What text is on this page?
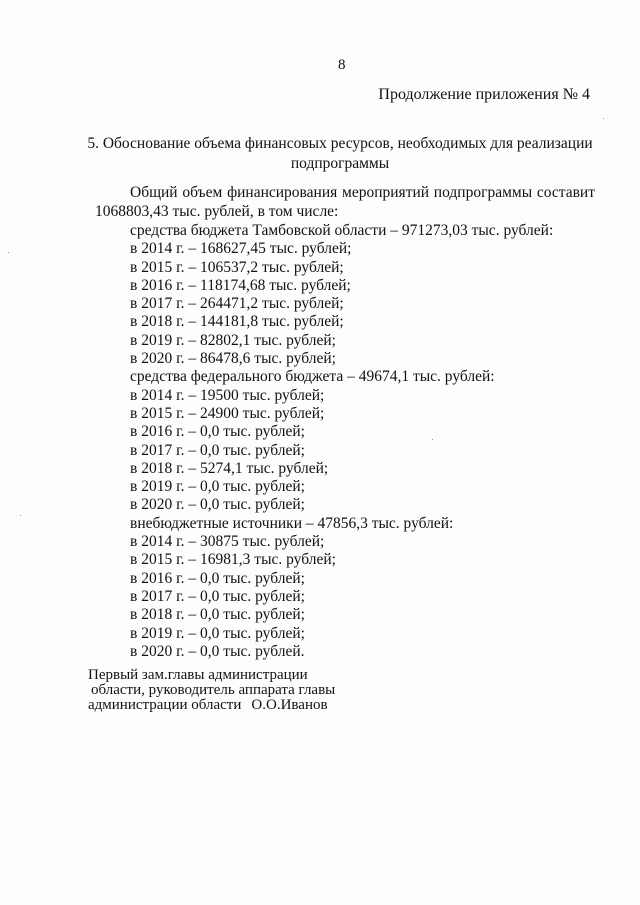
8
Продолжение приложения № 4
5. Обоснование объема финансовых ресурсов, необходимых для реализации
подпрограммы
Общий объем финансирования мероприятий подпрограммы составит 1068803,43 тыс. рублей, в том числе:
средства бюджета Тамбовской области – 971273,03 тыс. рублей:
в 2014 г. – 168627,45 тыс. рублей;
в 2015 г. – 106537,2 тыс. рублей;
в 2016 г. – 118174,68 тыс. рублей;
в 2017 г. – 264471,2 тыс. рублей;
в 2018 г. – 144181,8 тыс. рублей;
в 2019 г. – 82802,1 тыс. рублей;
в 2020 г. – 86478,6 тыс. рублей;
средства федерального бюджета – 49674,1 тыс. рублей:
в 2014 г. – 19500 тыс. рублей;
в 2015 г. – 24900 тыс. рублей;
в 2016 г. – 0,0 тыс. рублей;
в 2017 г. – 0,0 тыс. рублей;
в 2018 г. – 5274,1 тыс. рублей;
в 2019 г. – 0,0 тыс. рублей;
в 2020 г. – 0,0 тыс. рублей;
внебюджетные источники – 47856,3 тыс. рублей:
в 2014 г. – 30875 тыс. рублей;
в 2015 г. – 16981,3 тыс. рублей;
в 2016 г. – 0,0 тыс. рублей;
в 2017 г. – 0,0 тыс. рублей;
в 2018 г. – 0,0 тыс. рублей;
в 2019 г. – 0,0 тыс. рублей;
в 2020 г. – 0,0 тыс. рублей.
Первый зам.главы администрации
области, руководитель аппарата главы
администрации области О.О.Иванов
